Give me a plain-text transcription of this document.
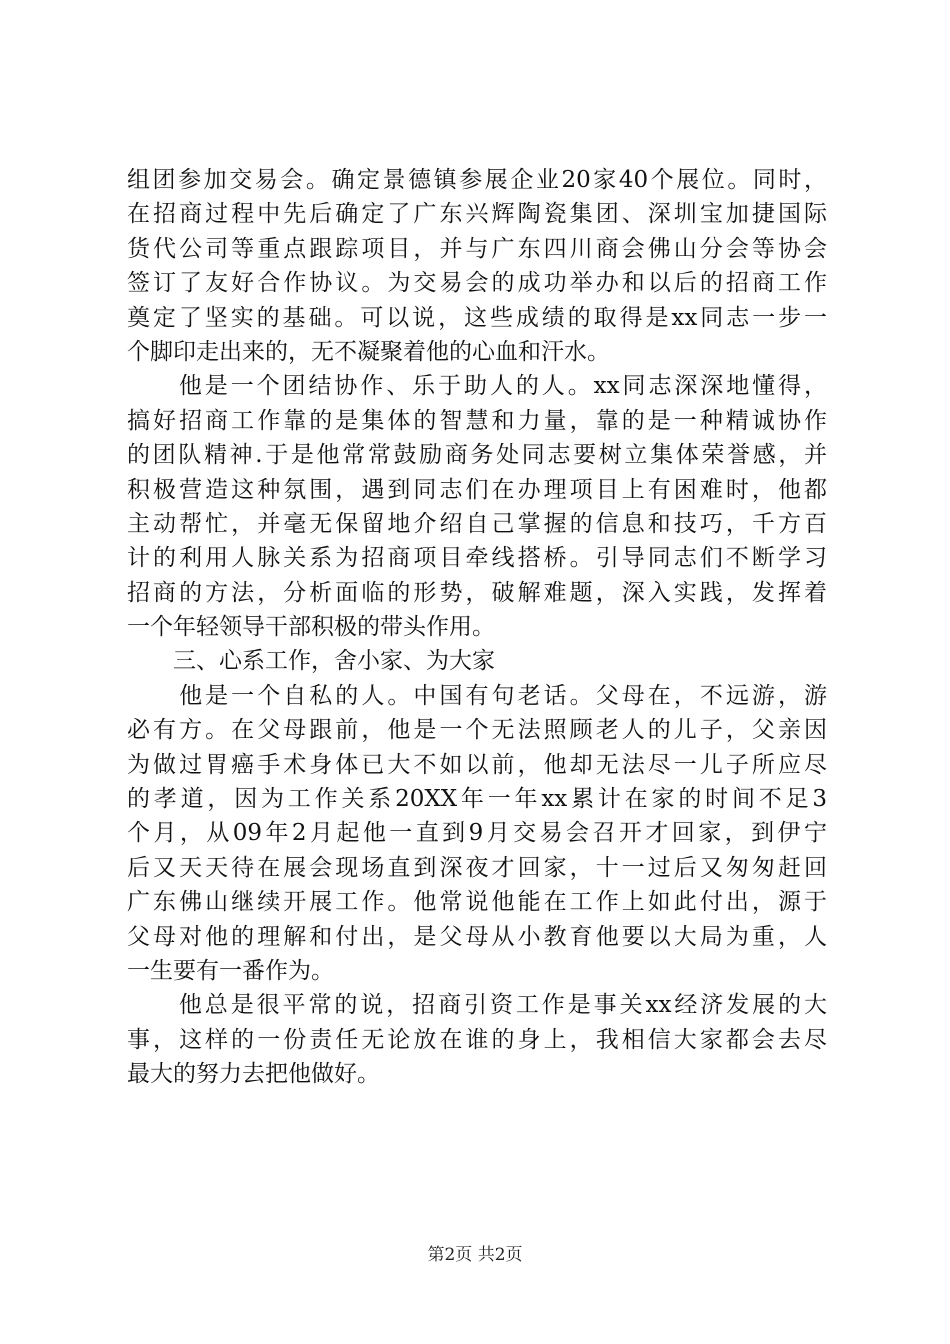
组团参加交易会。确定景德镇参展企业20家40个展位。同时，
在招商过程中先后确定了广东兴辉陶瓷集团、深圳宝加捷国际
货代公司等重点跟踪项目，并与广东四川商会佛山分会等协会
签订了友好合作协议。为交易会的成功举办和以后的招商工作
奠定了坚实的基础。可以说，这些成绩的取得是xx同志一步一
个脚印走出来的，无不凝聚着他的心血和汗水。
　　他是一个团结协作、乐于助人的人。xx同志深深地懂得，
搞好招商工作靠的是集体的智慧和力量，靠的是一种精诚协作
的团队精神.于是他常常鼓励商务处同志要树立集体荣誉感，并
积极营造这种氛围，遇到同志们在办理项目上有困难时，他都
主动帮忙，并毫无保留地介绍自己掌握的信息和技巧，千方百
计的利用人脉关系为招商项目牵线搭桥。引导同志们不断学习
招商的方法，分析面临的形势，破解难题，深入实践，发挥着
一个年轻领导干部积极的带头作用。
　　三、心系工作，舍小家、为大家
　　他是一个自私的人。中国有句老话。父母在，不远游，游
必有方。在父母跟前，他是一个无法照顾老人的儿子，父亲因
为做过胃癌手术身体已大不如以前，他却无法尽一儿子所应尽
的孝道，因为工作关系20XX年一年xx累计在家的时间不足3
个月，从09年2月起他一直到9月交易会召开才回家，到伊宁
后又天天待在展会现场直到深夜才回家，十一过后又匆匆赶回
广东佛山继续开展工作。他常说他能在工作上如此付出，源于
父母对他的理解和付出，是父母从小教育他要以大局为重，人
一生要有一番作为。
　　他总是很平常的说，招商引资工作是事关xx经济发展的大
事，这样的一份责任无论放在谁的身上，我相信大家都会去尽
最大的努力去把他做好。
第2页 共2页
